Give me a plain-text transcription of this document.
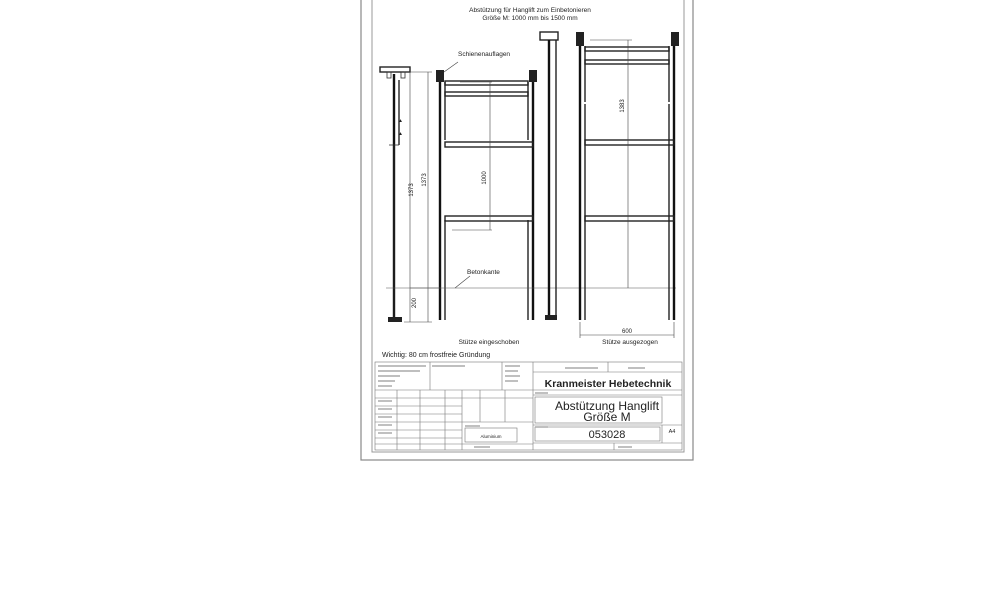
Abstützung für Hanglift zum Einbetonieren
Größe M: 1000 mm bis 1500 mm
▲
▲
1373
1373
200
1000
Schienenauflagen
Betonkante
Stütze eingeschoben
1383
600
Stütze ausgezogen
Wichtig: 80 cm frostfreie Gründung
Kranmeister Hebetechnik
Abstützung Hanglift
Größe M
053028	A4
Aluminium
